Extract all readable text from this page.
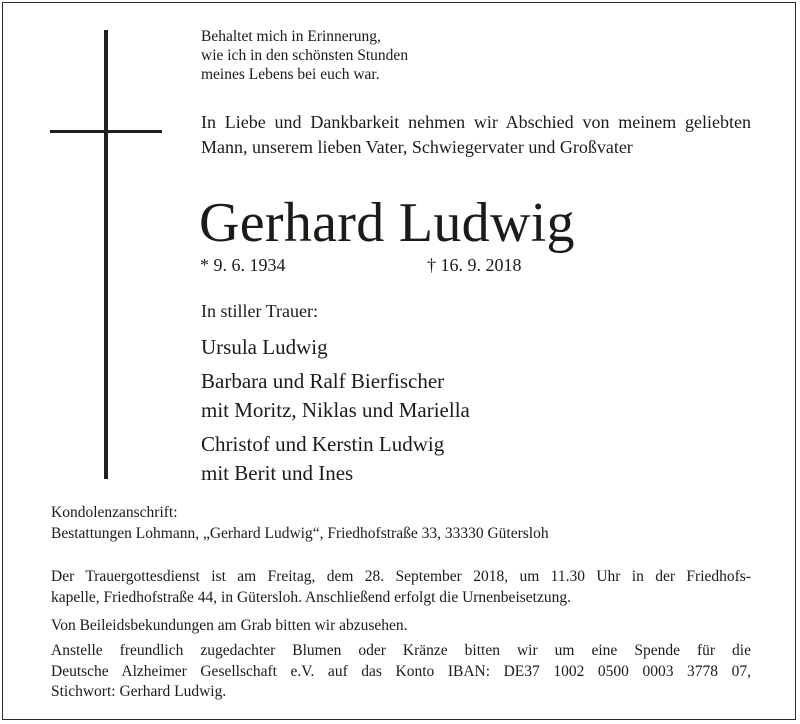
Behaltet mich in Erinnerung,
wie ich in den schönsten Stunden
meines Lebens bei euch war.

In Liebe und Dankbarkeit nehmen wir Abschied von meinem geliebten Mann, unserem lieben Vater, Schwiegervater und Großvater

Gerhard Ludwig
* 9. 6. 1934	† 16. 9. 2018
In stiller Trauer:

Ursula Ludwig

Barbara und Ralf Bierfischer
mit Moritz, Niklas und Mariella

Christof und Kerstin Ludwig
mit Berit und Ines

Kondolenzanschrift:
Bestattungen Lohmann, „Gerhard Ludwig“, Friedhofstraße 33, 33330 Gütersloh

Der Trauergottesdienst ist am Freitag, dem 28. September 2018, um 11.30 Uhr in der Friedhofs-
kapelle, Friedhofstraße 44, in Gütersloh. Anschließend erfolgt die Urnenbeisetzung.

Von Beileidsbekundungen am Grab bitten wir abzusehen.

Anstelle freundlich zugedachter Blumen oder Kränze bitten wir um eine Spende für die
Deutsche Alzheimer Gesellschaft e.V. auf das Konto IBAN: DE37 1002 0500 0003 3778 07,
Stichwort: Gerhard Ludwig.
